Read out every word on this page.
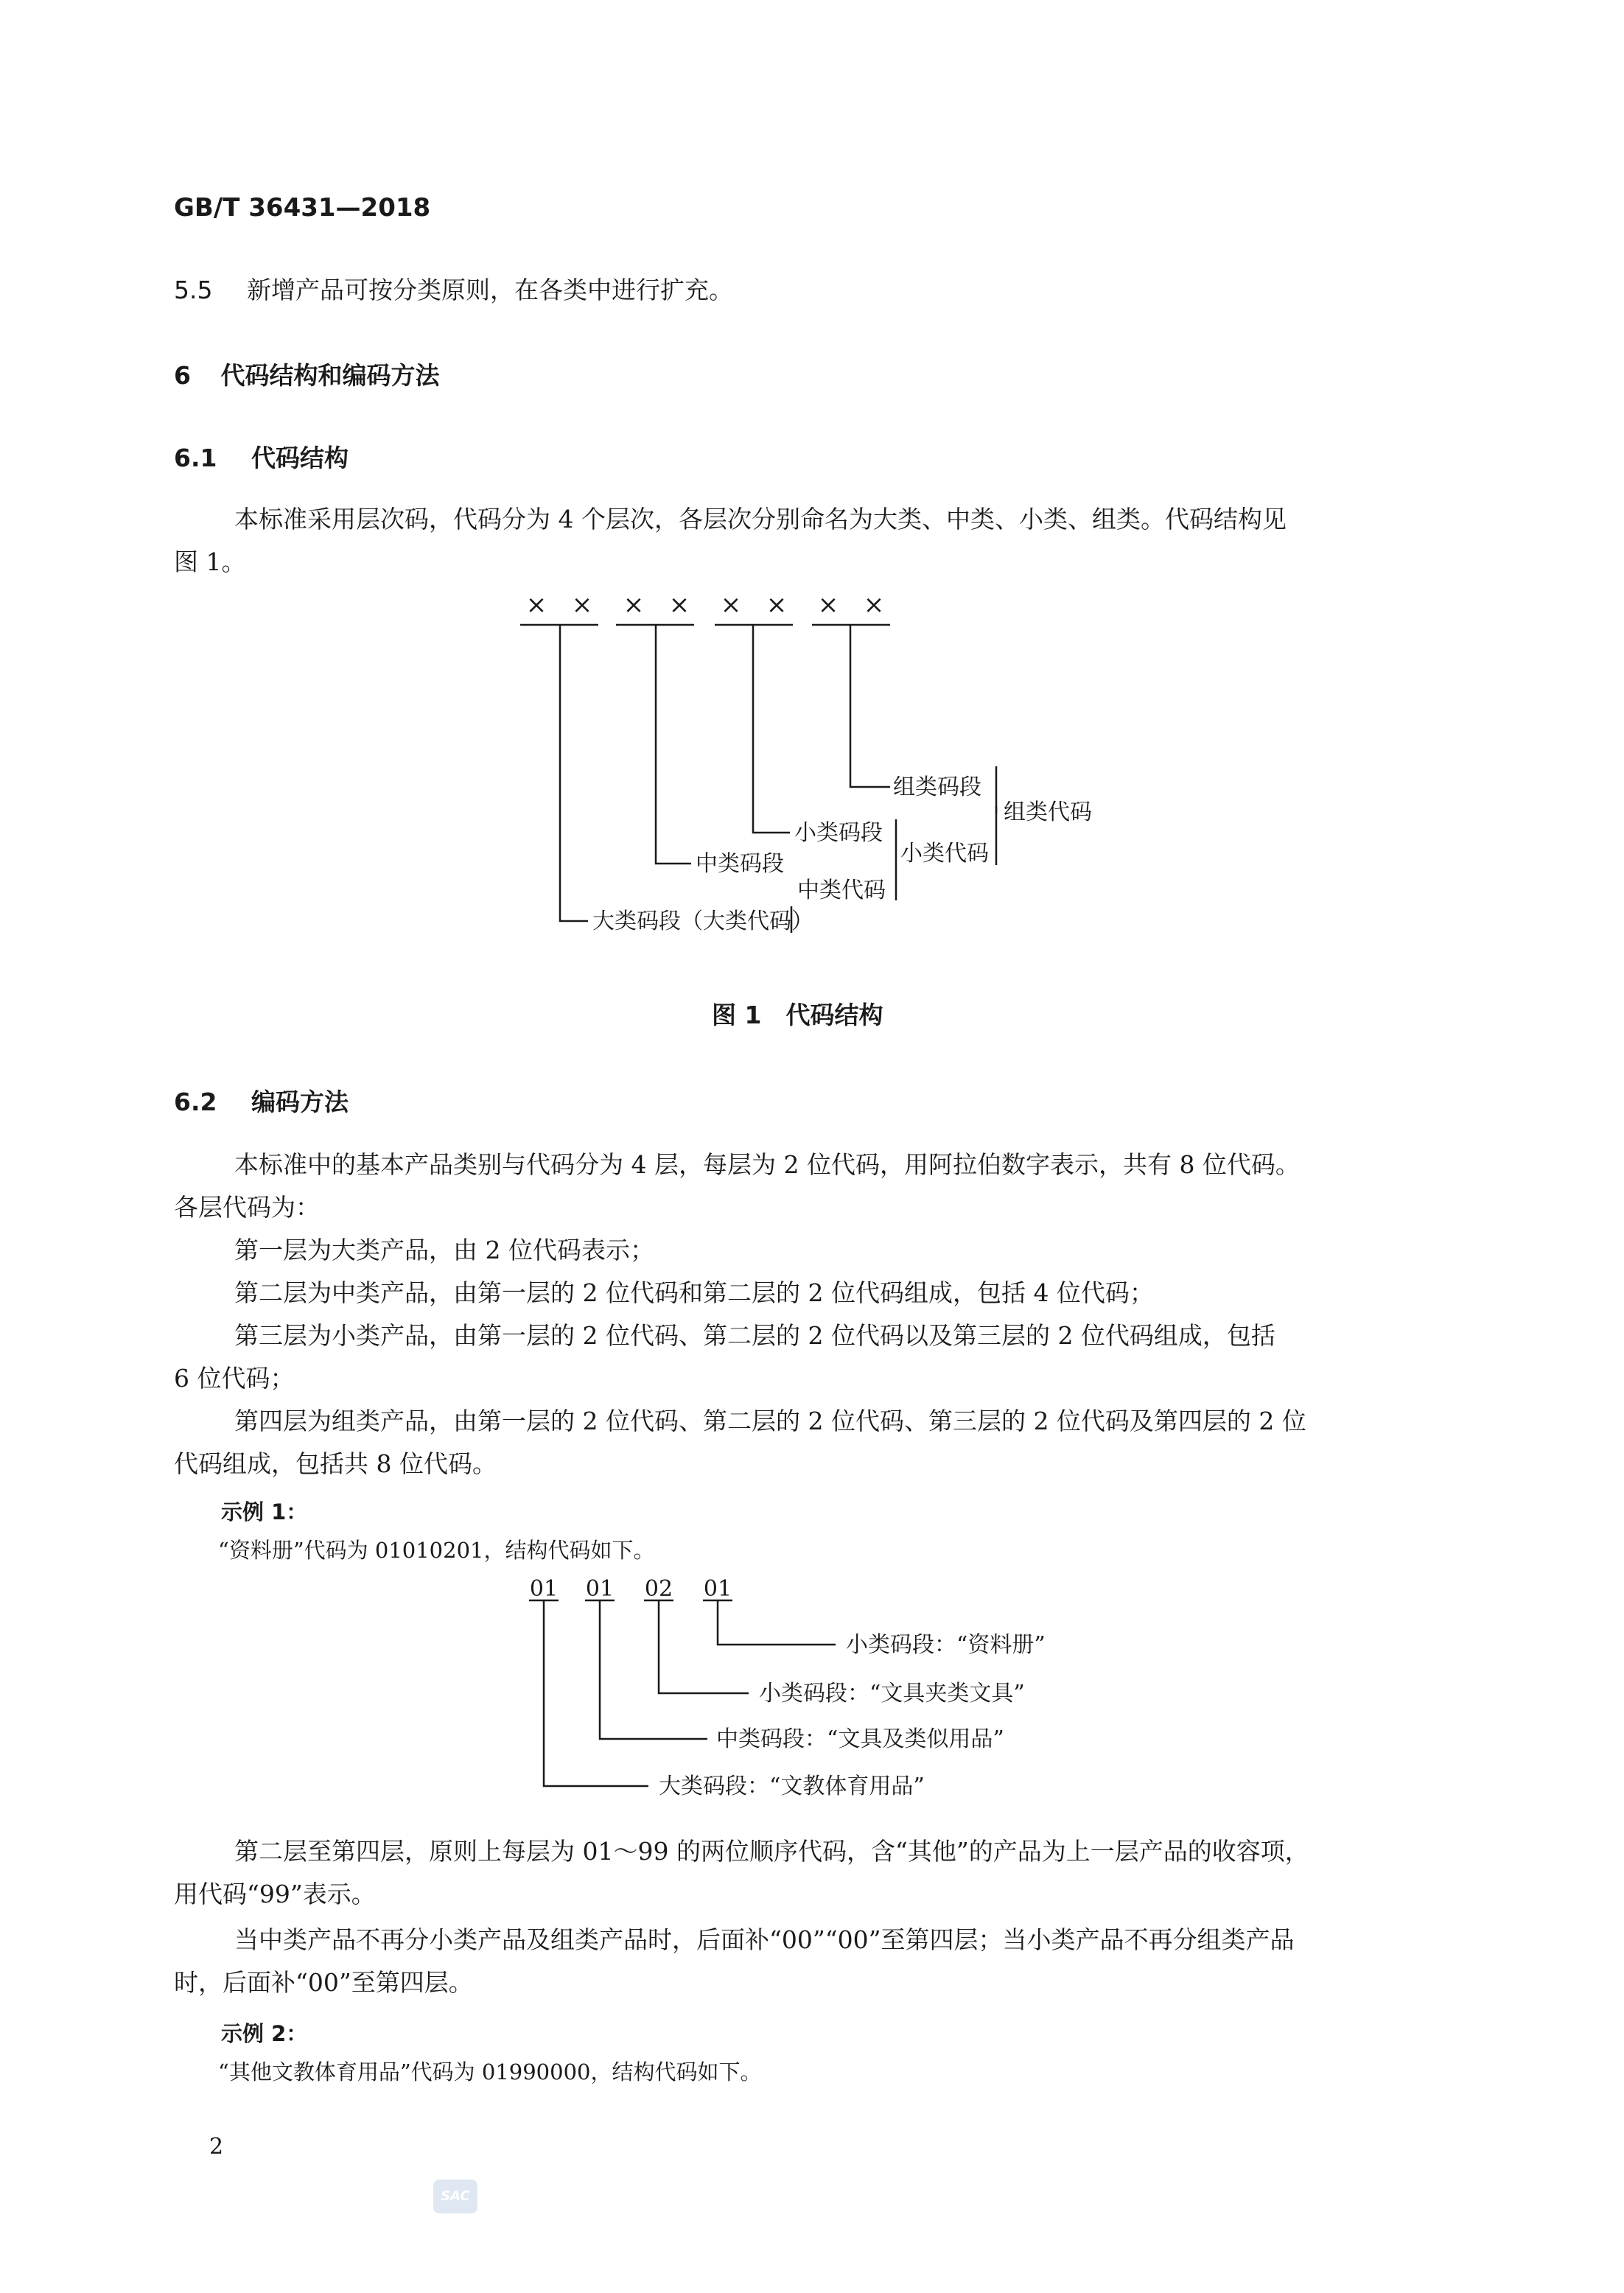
GB/T 36431—2018
5.5 新增产品可按分类原则，在各类中进行扩充。
6 代码结构和编码方法
6.1 代码结构
本标准采用层次码，代码分为 4 个层次，各层次分别命名为大类、中类、小类、组类。代码结构见
图 1。
× × × × × × × ×
组类码段
组类代码
小类码段
小类代码
中类码段
中类代码
大类码段（大类代码）
图 1　代码结构
6.2 编码方法
本标准中的基本产品类别与代码分为 4 层，每层为 2 位代码，用阿拉伯数字表示，共有 8 位代码。
各层代码为：
第一层为大类产品，由 2 位代码表示；
第二层为中类产品，由第一层的 2 位代码和第二层的 2 位代码组成，包括 4 位代码；
第三层为小类产品，由第一层的 2 位代码、第二层的 2 位代码以及第三层的 2 位代码组成，包括
6 位代码；
第四层为组类产品，由第一层的 2 位代码、第二层的 2 位代码、第三层的 2 位代码及第四层的 2 位
代码组成，包括共 8 位代码。
示例 1：
“资料册”代码为 01010201，结构代码如下。
01 01 02 01
小类码段：“资料册”
小类码段：“文具夹类文具”
中类码段：“文具及类似用品”
大类码段：“文教体育用品”
第二层至第四层，原则上每层为 01～99 的两位顺序代码，含“其他”的产品为上一层产品的收容项，
用代码“99”表示。
当中类产品不再分小类产品及组类产品时，后面补“00”“00”至第四层；当小类产品不再分组类产品
时，后面补“00”至第四层。
示例 2：
“其他文教体育用品”代码为 01990000，结构代码如下。
2
SAC
